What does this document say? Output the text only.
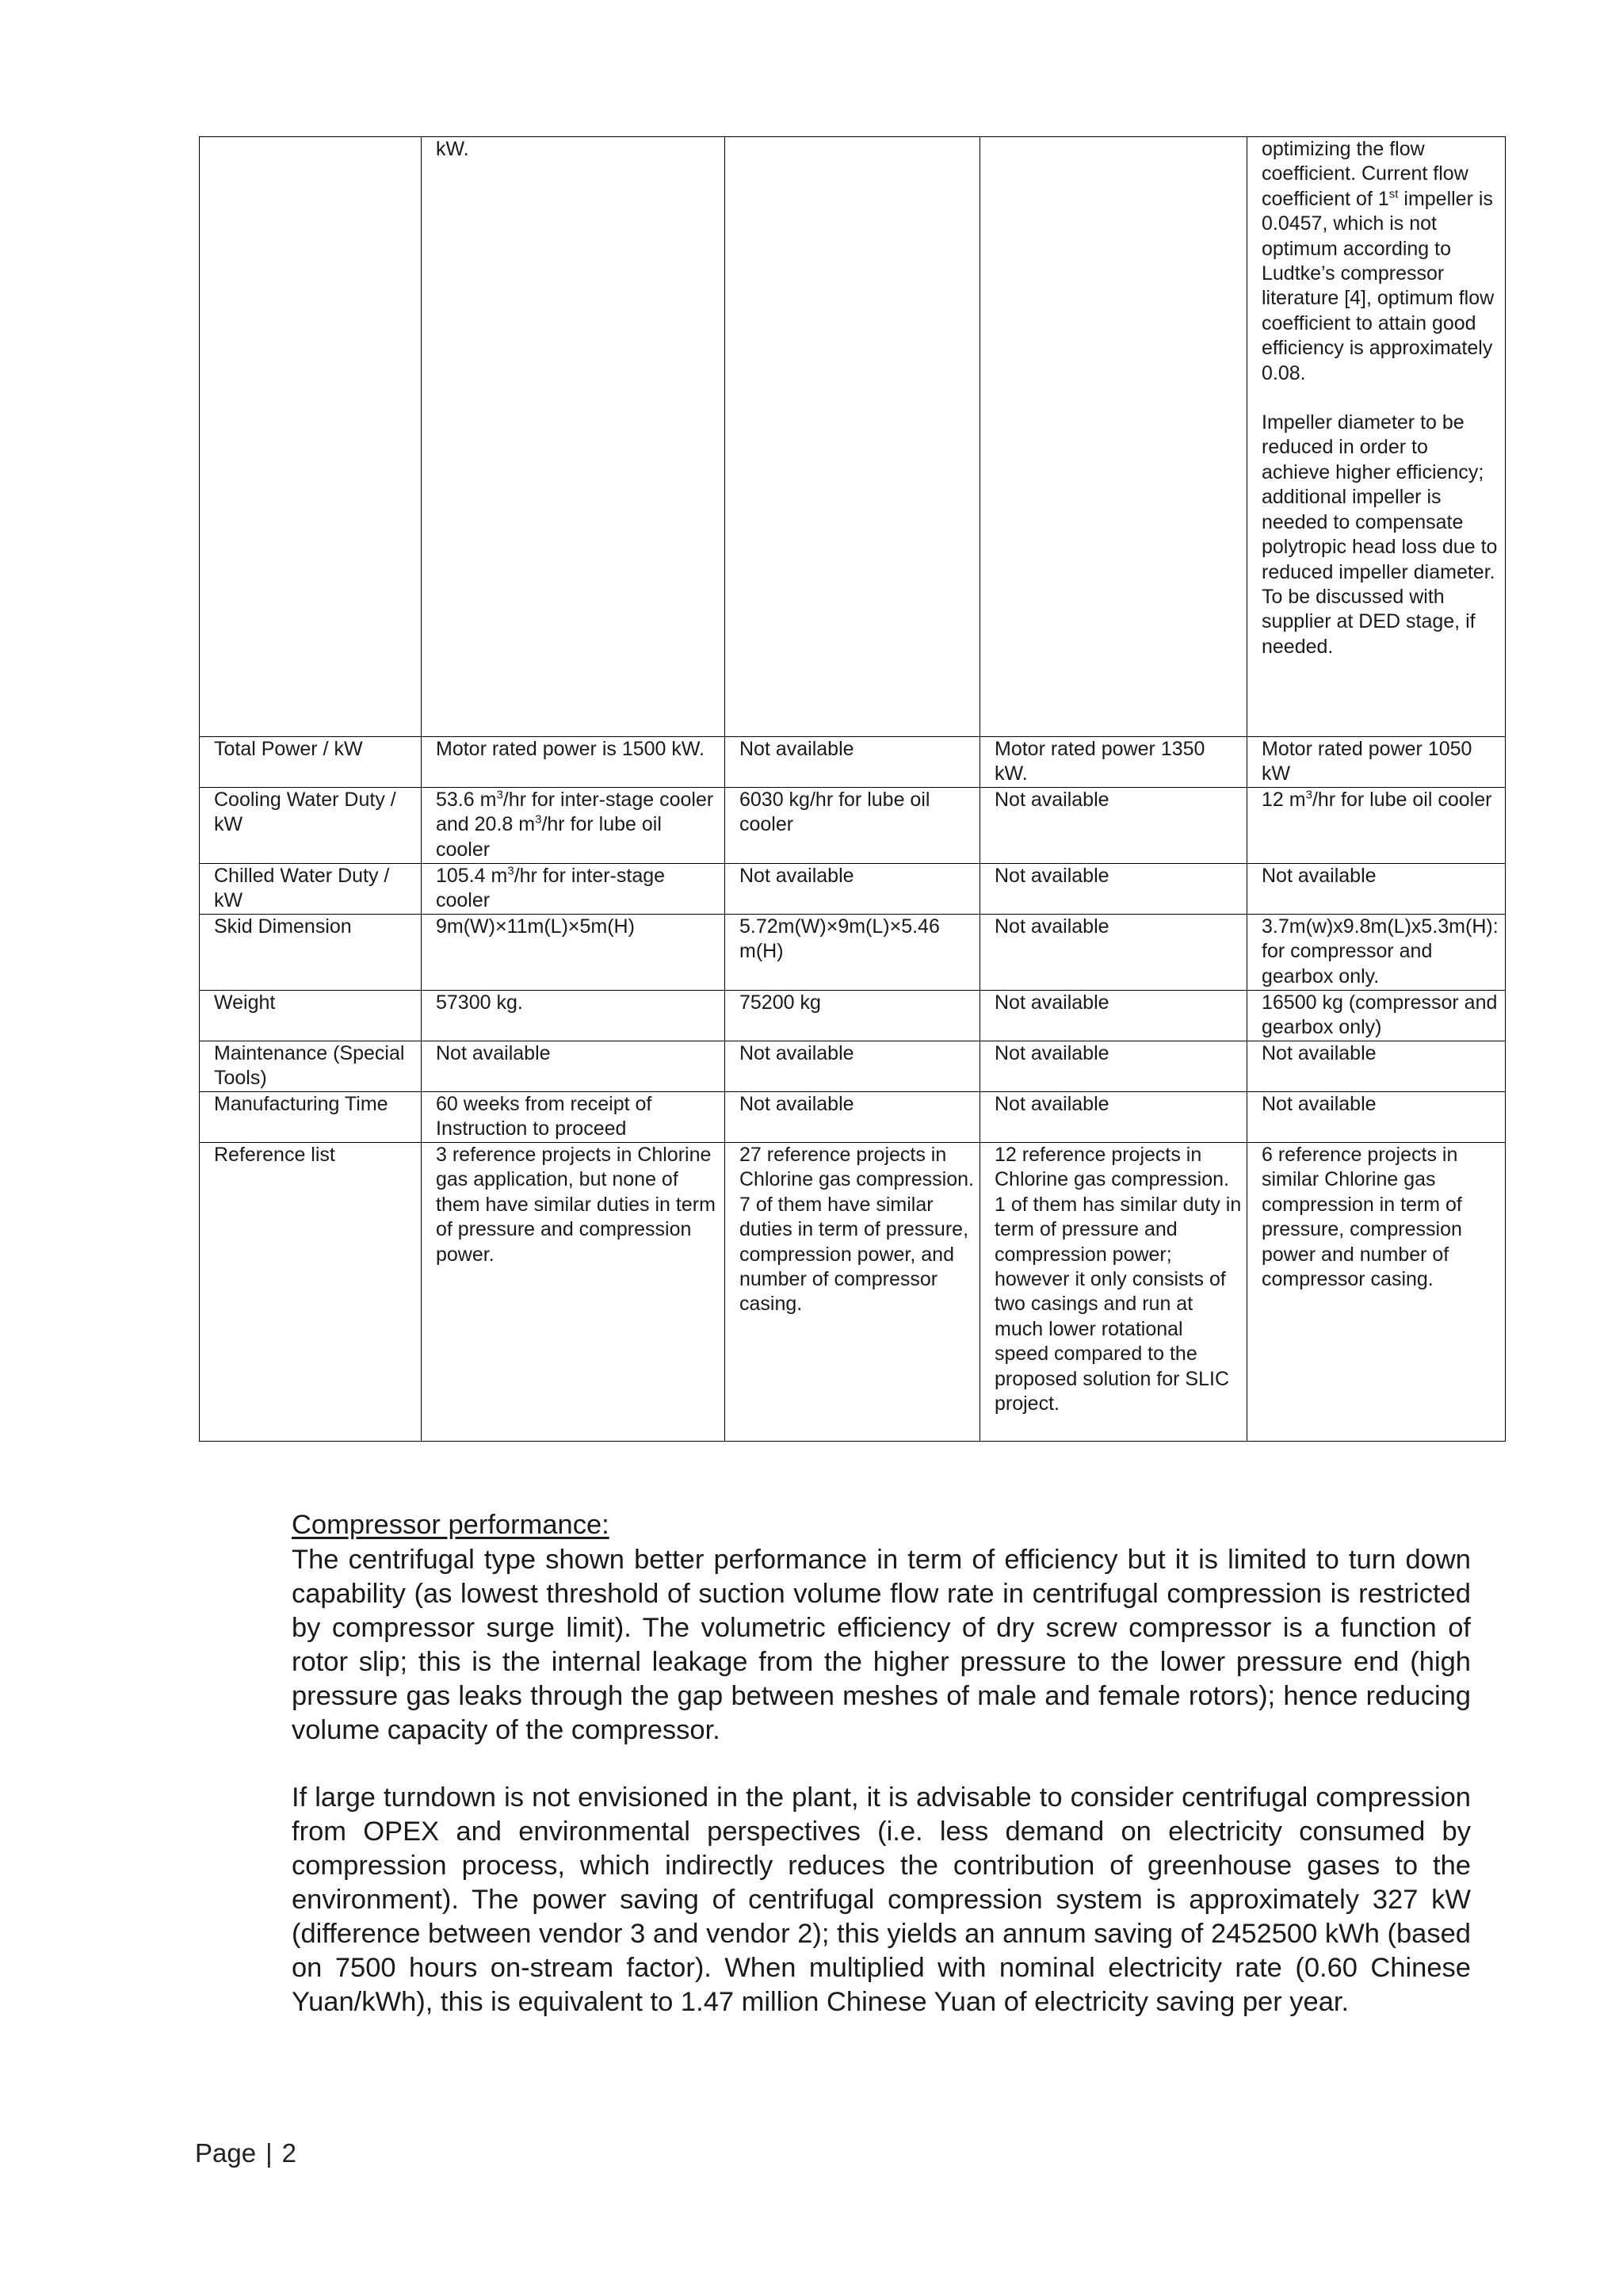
	kW.			optimizing the flow coefficient. Current flow coefficient of 1st impeller is 0.0457, which is not optimum according to Ludtke’s compressor literature [4], optimum flow coefficient to attain good efficiency is approximately 0.08.

Impeller diameter to be reduced in order to achieve higher efficiency; additional impeller is needed to compensate polytropic head loss due to reduced impeller diameter. To be discussed with supplier at DED stage, if needed.

Total Power / kW	Motor rated power is 1500 kW.	Not available	Motor rated power 1350 kW.	Motor rated power 1050 kW
Cooling Water Duty / kW	53.6 $m^3/hr$ for inter-stage cooler and 20.8 $m^3/hr$ for lube oil cooler	6030 kg/hr for lube oil cooler	Not available	12 $m^3/hr$ for lube oil cooler
Chilled Water Duty / kW	105.4 $m^3/hr$ for inter-stage cooler	Not available	Not available	Not available
Skid Dimension	9m(W)×11m(L)×5m(H)	5.72m(W)×9m(L)×5.46 m(H)	Not available	3.7m(w)x9.8m(L)x5.3m(H): for compressor and gearbox only.
Weight	57300 kg.	75200 kg	Not available	16500 kg (compressor and gearbox only)
Maintenance (Special Tools)	Not available	Not available	Not available	Not available
Manufacturing Time	60 weeks from receipt of Instruction to proceed	Not available	Not available	Not available
Reference list	3 reference projects in Chlorine gas application, but none of them have similar duties in term of pressure and compression power.	27 reference projects in Chlorine gas compression. 7 of them have similar duties in term of pressure, compression power, and number of compressor casing.	12 reference projects in Chlorine gas compression. 1 of them has similar duty in term of pressure and compression power; however it only consists of two casings and run at much lower rotational speed compared to the proposed solution for SLIC project.	6 reference projects in similar Chlorine gas compression in term of pressure, compression power and number of compressor casing.
Compressor performance:
The centrifugal type shown better performance in term of efficiency but it is limited to turn down capability (as lowest threshold of suction volume flow rate in centrifugal compression is restricted by compressor surge limit). The volumetric efficiency of dry screw compressor is a function of rotor slip; this is the internal leakage from the higher pressure to the lower pressure end (high pressure gas leaks through the gap between meshes of male and female rotors); hence reducing volume capacity of the compressor.
If large turndown is not envisioned in the plant, it is advisable to consider centrifugal compression from OPEX and environmental perspectives (i.e. less demand on electricity consumed by compression process, which indirectly reduces the contribution of greenhouse gases to the environment). The power saving of centrifugal compression system is approximately 327 kW (difference between vendor 3 and vendor 2); this yields an annum saving of 2452500 kWh (based on 7500 hours on-stream factor). When multiplied with nominal electricity rate (0.60 Chinese Yuan/kWh), this is equivalent to 1.47 million Chinese Yuan of electricity saving per year.
Page | 2
